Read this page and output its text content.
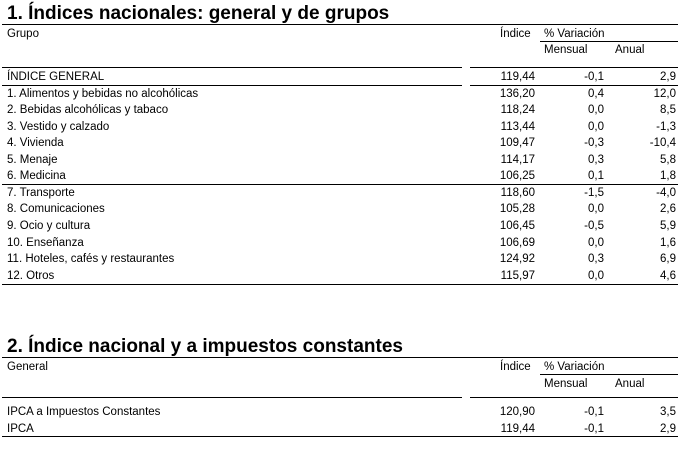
1. Índices nacionales: general y de grupos
Grupo	Índice % Variación
Mensual Anual
ÍNDICE GENERAL	119,44	-0,1	2,9
1. Alimentos y bebidas no alcohólicas	136,20	0,4	12,0
2. Bebidas alcohólicas y tabaco	118,24	0,0	8,5
3. Vestido y calzado	113,44	0,0	-1,3
4. Vivienda	109,47	-0,3	-10,4
5. Menaje	114,17	0,3	5,8
6. Medicina	106,25	0,1	1,8
7. Transporte	118,60	-1,5	-4,0
8. Comunicaciones	105,28	0,0	2,6
9. Ocio y cultura	106,45	-0,5	5,9
10. Enseñanza	106,69	0,0	1,6
11. Hoteles, cafés y restaurantes	124,92	0,3	6,9
12. Otros	115,97	0,0	4,6
2. Índice nacional y a impuestos constantes
General	Índice % Variación
Mensual Anual
IPCA a Impuestos Constantes	120,90	-0,1	3,5
IPCA	119,44	-0,1	2,9
